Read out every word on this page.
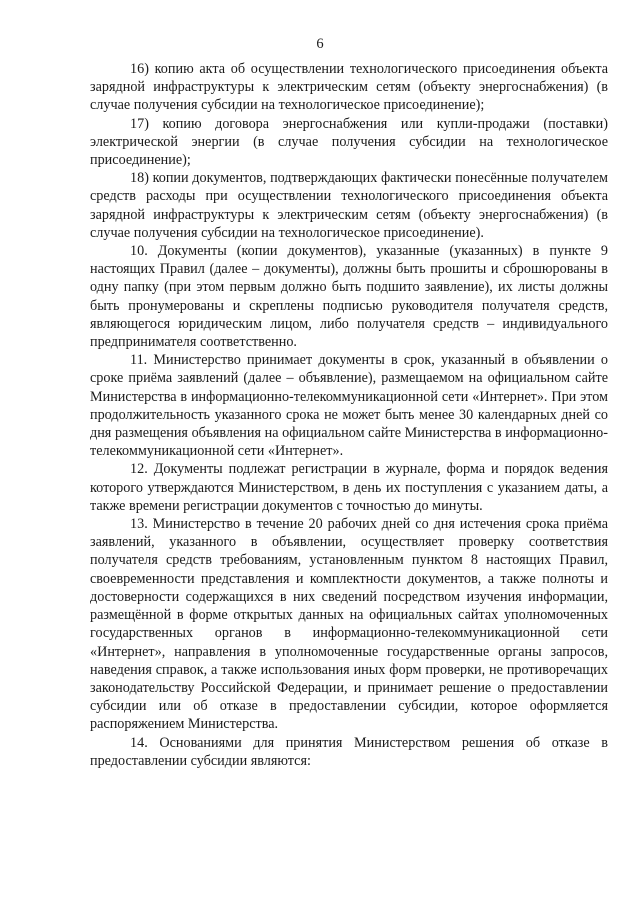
6

16) копию акта об осуществлении технологического присоединения объекта зарядной инфраструктуры к электрическим сетям (объекту энергоснабжения) (в случае получения субсидии на технологическое присоединение);

17) копию договора энергоснабжения или купли-продажи (поставки) электрической энергии (в случае получения субсидии на технологическое присоединение);

18) копии документов, подтверждающих фактически понесённые получателем средств расходы при осуществлении технологического присоединения объекта зарядной инфраструктуры к электрическим сетям (объекту энергоснабжения) (в случае получения субсидии на технологическое присоединение).

10. Документы (копии документов), указанные (указанных) в пункте 9 настоящих Правил (далее – документы), должны быть прошиты и сброшюрованы в одну папку (при этом первым должно быть подшито заявление), их листы должны быть пронумерованы и скреплены подписью руководителя получателя средств, являющегося юридическим лицом, либо получателя средств – индивидуального предпринимателя соответственно.

11. Министерство принимает документы в срок, указанный в объявлении о сроке приёма заявлений (далее – объявление), размещаемом на официальном сайте Министерства в информационно-телекоммуникационной сети «Интернет». При этом продолжительность указанного срока не может быть менее 30 календарных дней со дня размещения объявления на официальном сайте Министерства в информационно-телекоммуникационной сети «Интернет».

12. Документы подлежат регистрации в журнале, форма и порядок ведения которого утверждаются Министерством, в день их поступления с указанием даты, а также времени регистрации документов с точностью до минуты.

13. Министерство в течение 20 рабочих дней со дня истечения срока приёма заявлений, указанного в объявлении, осуществляет проверку соответствия получателя средств требованиям, установленным пунктом 8 настоящих Правил, своевременности представления и комплектности документов, а также полноты и достоверности содержащихся в них сведений посредством изучения информации, размещённой в форме открытых данных на официальных сайтах уполномоченных государственных органов в информационно-телекоммуникационной сети «Интернет», направления в уполномоченные государственные органы запросов, наведения справок, а также использования иных форм проверки, не противоречащих законодательству Российской Федерации, и принимает решение о предоставлении субсидии или об отказе в предоставлении субсидии, которое оформляется распоряжением Министерства.

14. Основаниями для принятия Министерством решения об отказе в предоставлении субсидии являются:
